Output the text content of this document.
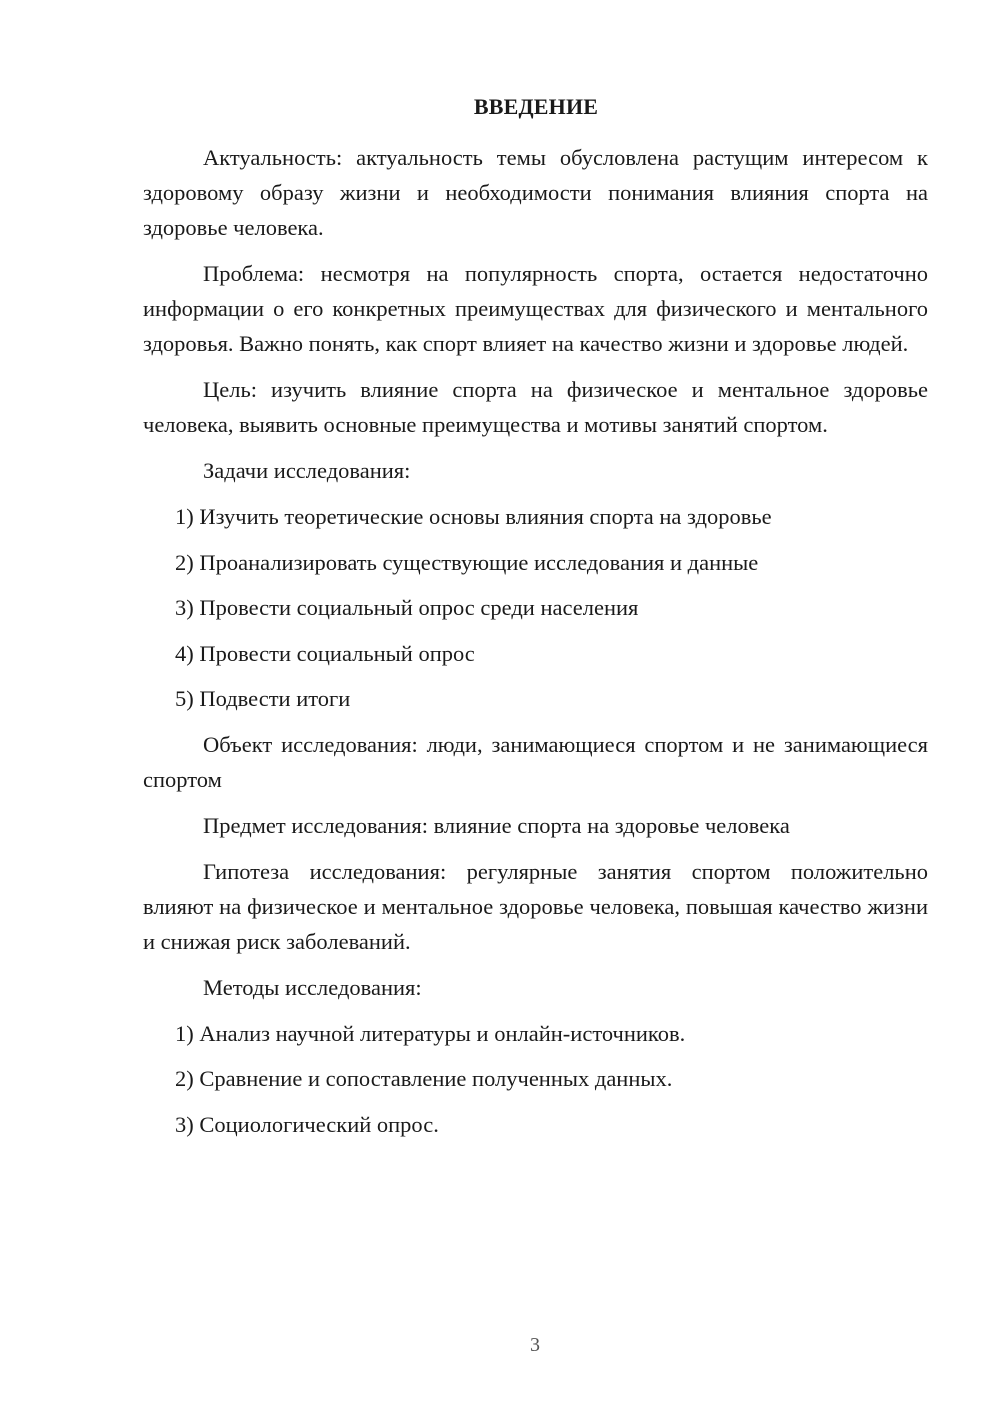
ВВЕДЕНИЕ

Актуальность: актуальность темы обусловлена растущим интересом к здоровому образу жизни и необходимости понимания влияния спорта на здоровье человека.

Проблема: несмотря на популярность спорта, остается недостаточно информации о его конкретных преимуществах для физического и ментального здоровья. Важно понять, как спорт влияет на качество жизни и здоровье людей.

Цель: изучить влияние спорта на физическое и ментальное здоровье человека, выявить основные преимущества и мотивы занятий спортом.

Задачи исследования:

1) Изучить теоретические основы влияния спорта на здоровье
2) Проанализировать существующие исследования и данные
3) Провести социальный опрос среди населения
4) Провести социальный опрос
5) Подвести итоги

Объект исследования: люди, занимающиеся спортом и не занимающиеся спортом

Предмет исследования: влияние спорта на здоровье человека

Гипотеза исследования: регулярные занятия спортом положительно влияют на физическое и ментальное здоровье человека, повышая качество жизни и снижая риск заболеваний.

Методы исследования:

1) Анализ научной литературы и онлайн-источников.
2) Сравнение и сопоставление полученных данных.
3) Социологический опрос.
3
